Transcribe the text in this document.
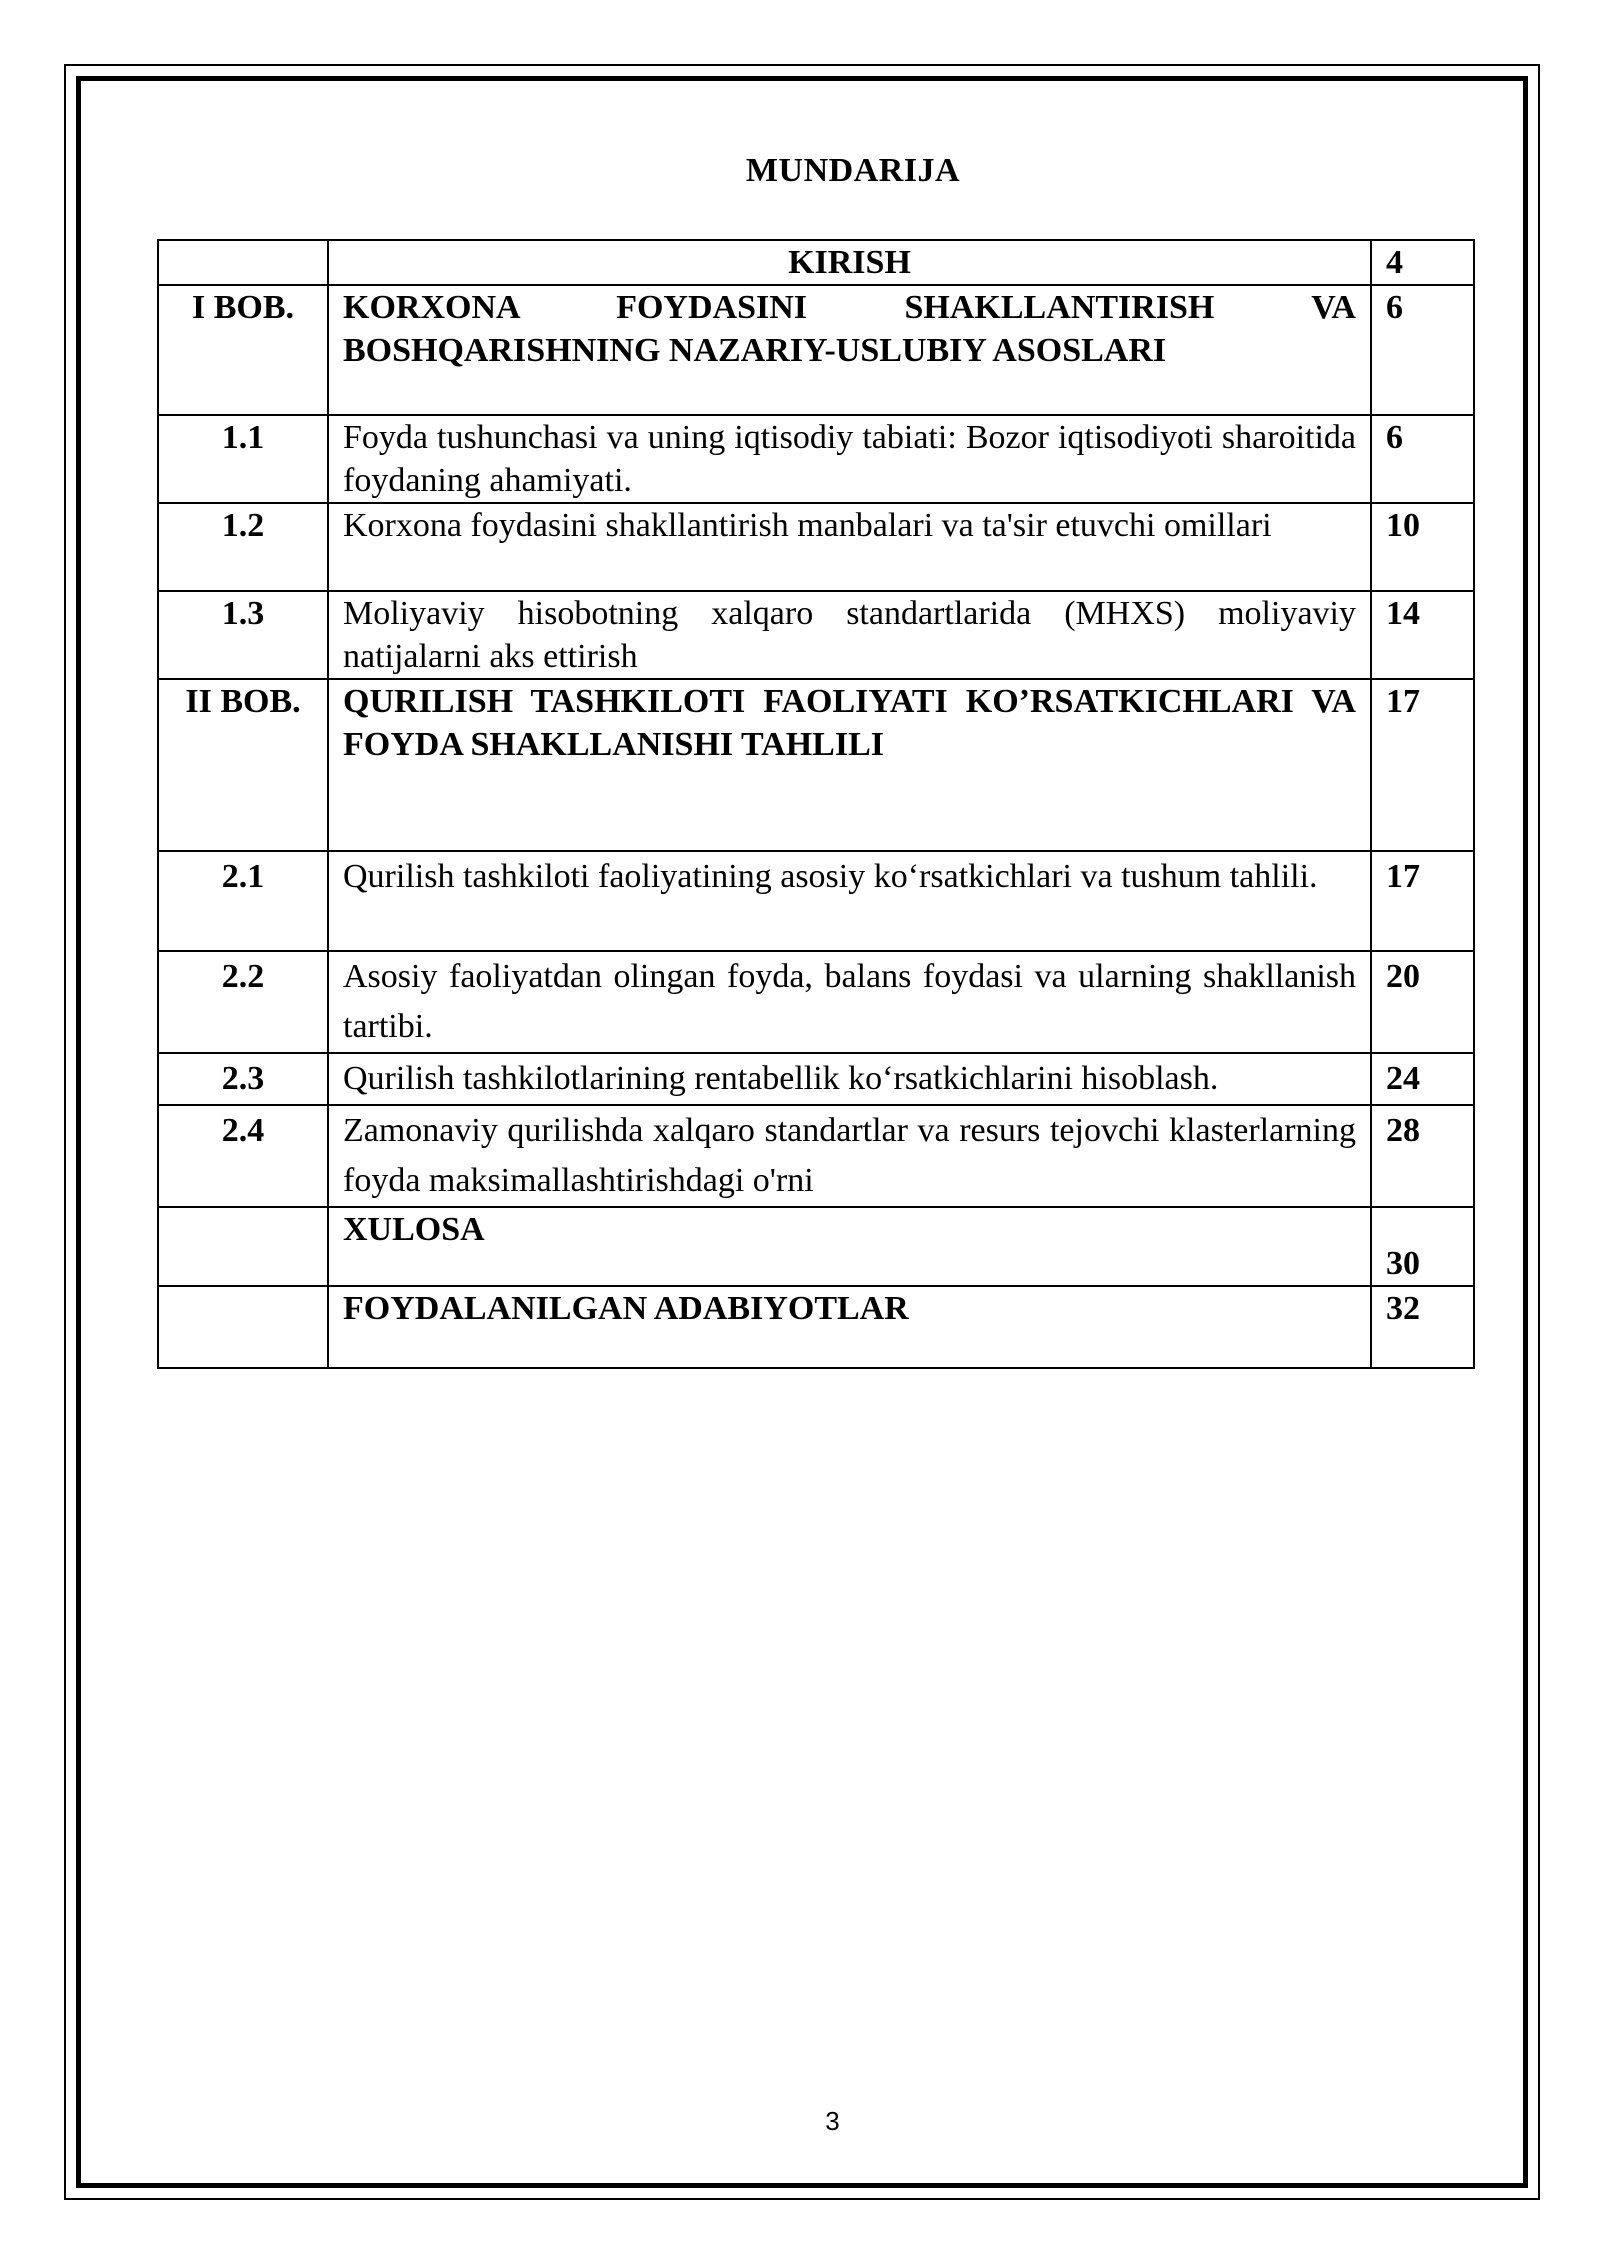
MUNDARIJA
	KIRISH	4
I BOB.	KORXONA FOYDASINI SHAKLLANTIRISH VA BOSHQARISHNING NAZARIY-USLUBIY ASOSLARI	6
1.1	Foyda tushunchasi va uning iqtisodiy tabiati: Bozor iqtisodiyoti sharoitida foydaning ahamiyati.	6
1.2	Korxona foydasini shakllantirish manbalari va ta'sir etuvchi omillari	10
1.3	Moliyaviy hisobotning xalqaro standartlarida (MHXS) moliyaviy natijalarni aks ettirish	14
II BOB.	QURILISH TASHKILOTI FAOLIYATI KO’RSATKICHLARI VA FOYDA SHAKLLANISHI TAHLILI	17
2.1	Qurilish tashkiloti faoliyatining asosiy ko‘rsatkichlari va tushum tahlili.	17
2.2	Asosiy faoliyatdan olingan foyda, balans foydasi va ularning shakllanish tartibi.	20
2.3	Qurilish tashkilotlarining rentabellik ko‘rsatkichlarini hisoblash.	24
2.4	Zamonaviy qurilishda xalqaro standartlar va resurs tejovchi klasterlarning foyda maksimallashtirishdagi o'rni	28
	XULOSA	30
	FOYDALANILGAN ADABIYOTLAR	32
3
